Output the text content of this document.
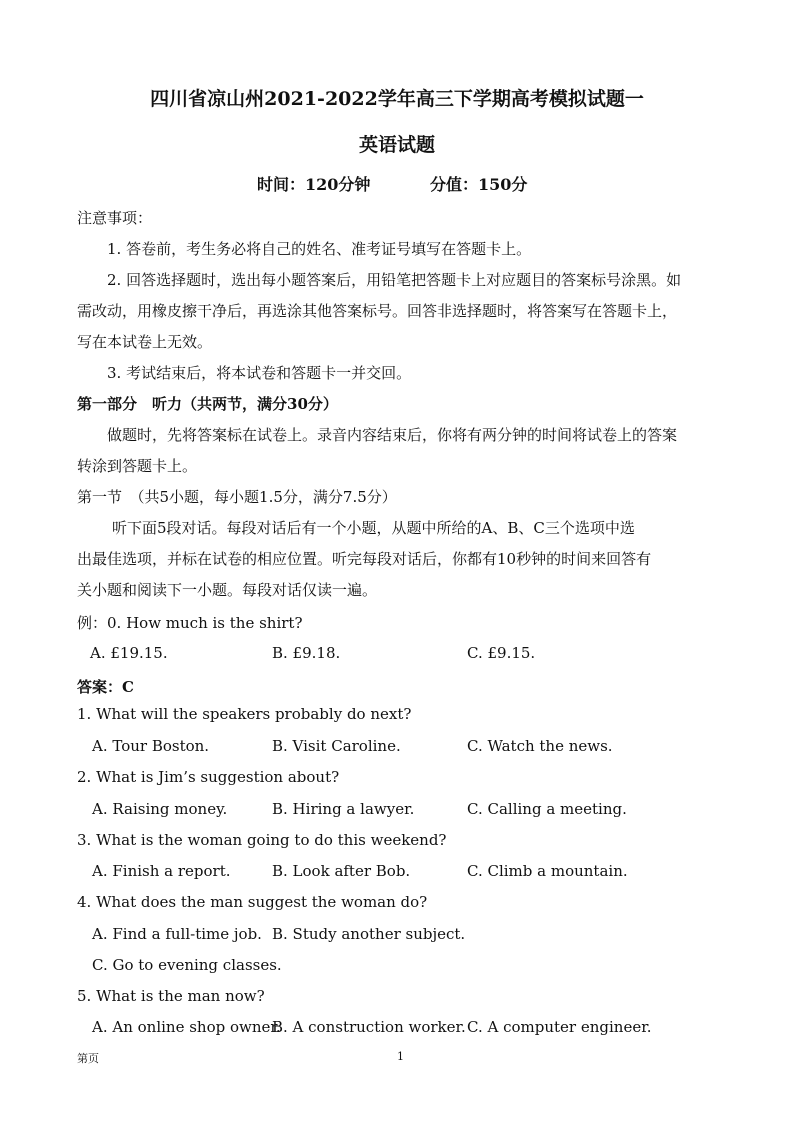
四川省凉山州2021-2022学年高三下学期高考模拟试题一
英语试题
时间：120分钟	分值：150分
注意事项：
1. 答卷前，考生务必将自己的姓名、准考证号填写在答题卡上。
2. 回答选择题时，选出每小题答案后，用铅笔把答题卡上对应题目的答案标号涂黑。如
需改动，用橡皮擦干净后，再选涂其他答案标号。回答非选择题时，将答案写在答题卡上，
写在本试卷上无效。
3. 考试结束后，将本试卷和答题卡一并交回。
第一部分　听力（共两节，满分30分）
做题时，先将答案标在试卷上。录音内容结束后，你将有两分钟的时间将试卷上的答案
转涂到答题卡上。
第一节　（共5小题，每小题1.5分，满分7.5分）
听下面5段对话。每段对话后有一个小题，从题中所给的A、B、C三个选项中选
出最佳选项，并标在试卷的相应位置。听完每段对话后，你都有10秒钟的时间来回答有
关小题和阅读下一小题。每段对话仅读一遍。
例：0. How much is the shirt?
A. £19.15.	B. £9.18.	C. £9.15.
答案：C
1. What will the speakers probably do next?
A. Tour Boston.	B. Visit Caroline.	C. Watch the news.
2. What is Jim’s suggestion about?
A. Raising money.	B. Hiring a lawyer.	C. Calling a meeting.
3. What is the woman going to do this weekend?
A. Finish a report.	B. Look after Bob.	C. Climb a mountain.
4. What does the man suggest the woman do?
A. Find a full-time job. B. Study another subject.
C. Go to evening classes.
5. What is the man now?
A. An online shop owner.
B. A construction worker. C. A computer engineer.
第页	1
